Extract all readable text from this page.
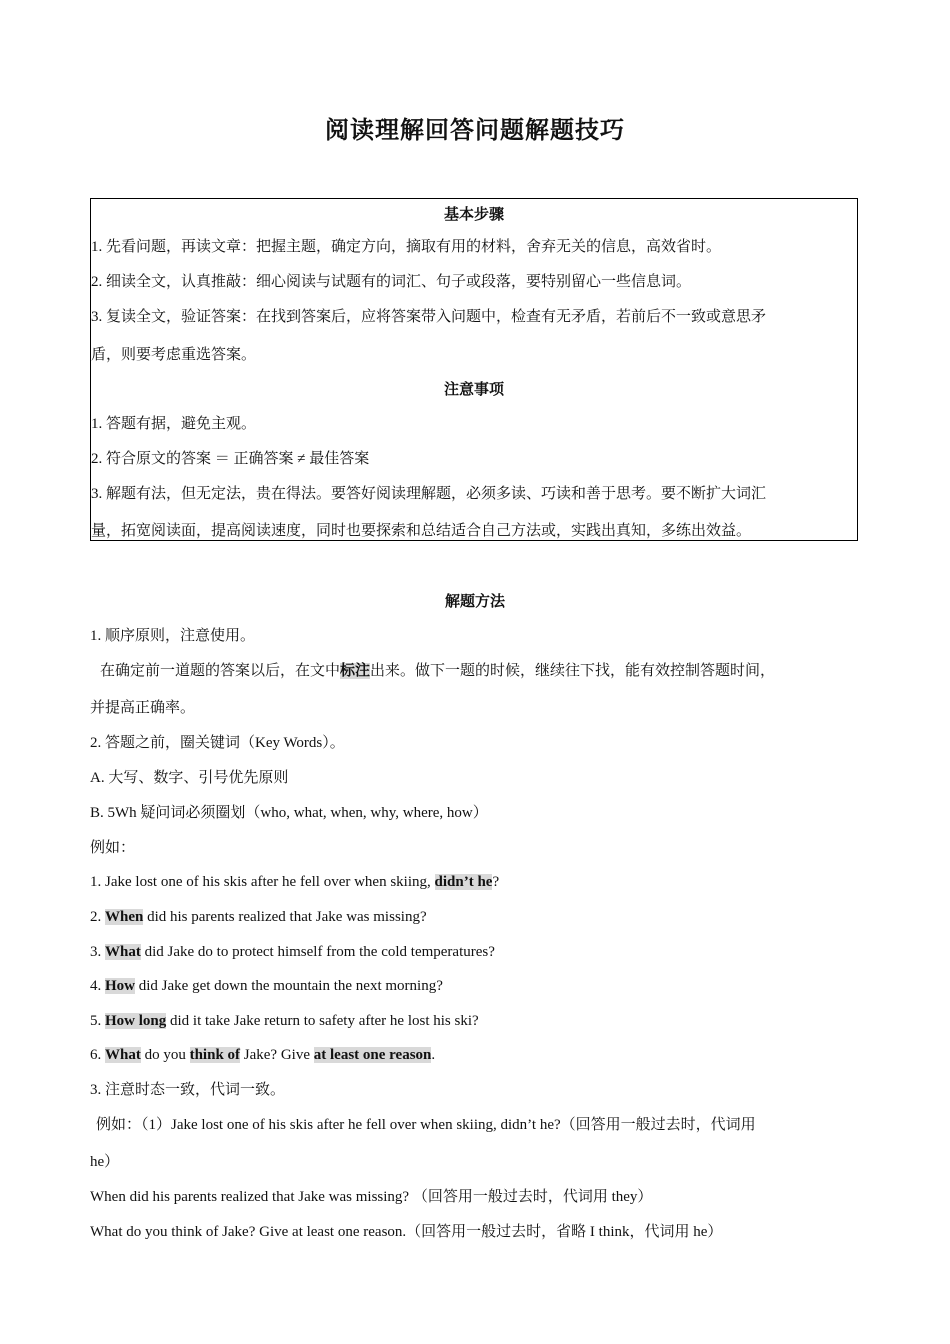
阅读理解回答问题解题技巧
基本步骤
1. 先看问题，再读文章：把握主题，确定方向，摘取有用的材料，舍弃无关的信息，高效省时。
2. 细读全文，认真推敲：细心阅读与试题有的词汇、句子或段落，要特别留心一些信息词。
3. 复读全文，验证答案：在找到答案后，应将答案带入问题中，检查有无矛盾，若前后不一致或意思矛
盾，则要考虑重选答案。
注意事项
1. 答题有据，避免主观。
2. 符合原文的答案 ＝ 正确答案 ≠ 最佳答案
3. 解题有法，但无定法，贵在得法。要答好阅读理解题，必须多读、巧读和善于思考。要不断扩大词汇
量，拓宽阅读面，提高阅读速度，同时也要探索和总结适合自己方法或，实践出真知，多练出效益。
解题方法
1. 顺序原则，注意使用。
在确定前一道题的答案以后，在文中标注出来。做下一题的时候，继续往下找，能有效控制答题时间，
并提高正确率。
2. 答题之前，圈关键词（Key Words）。
A. 大写、数字、引号优先原则
B. 5Wh 疑问词必须圈划（who, what, when, why, where, how）
例如：
1. Jake lost one of his skis after he fell over when skiing, didn’t he?
2. When did his parents realized that Jake was missing?
3. What did Jake do to protect himself from the cold temperatures?
4. How did Jake get down the mountain the next morning?
5. How long did it take Jake return to safety after he lost his ski?
6. What do you think of Jake? Give at least one reason.
3. 注意时态一致，代词一致。
例如：（1）Jake lost one of his skis after he fell over when skiing, didn’t he?（回答用一般过去时，代词用
he）
When did his parents realized that Jake was missing? （回答用一般过去时，代词用 they）
What do you think of Jake? Give at least one reason.（回答用一般过去时，省略 I think，代词用 he）
